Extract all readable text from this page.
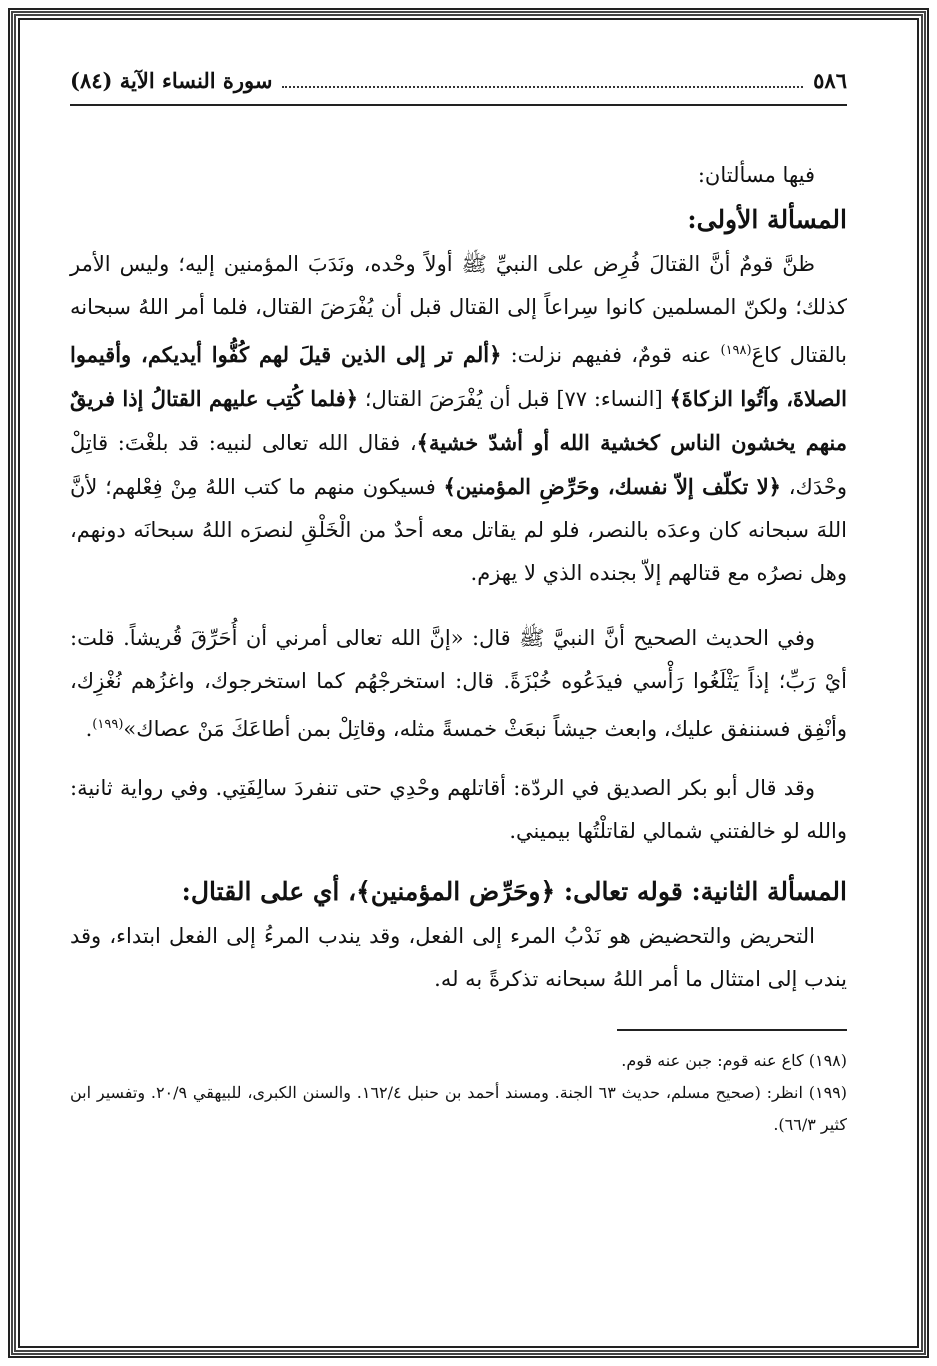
٥٨٦
سورة النساء الآية (٨٤)

فيها مسألتان:

المسألة الأولى:

ظنَّ قومٌ أنَّ القتالَ فُرِض على النبيِّ ﷺ أولاً وحْده، ونَدَبَ المؤمنين إليه؛ وليس الأمر كذلك؛ ولكنّ المسلمين كانوا سِراعاً إلى القتال قبل أن يُفْرَضَ القتال، فلما أمر اللهُ سبحانه بالقتال كاعَ$^{(١٩٨)}$ عنه قومٌ، ففيهم نزلت: ﴿ألم تر إلى الذين قيلَ لهم كُفُّوا أيديكم، وأقيموا الصلاةَ، وآتُوا الزكاةَ﴾ [النساء: ٧٧] قبل أن يُفْرَضَ القتال؛ ﴿فلما كُتِب عليهم القتالُ إذا فريقٌ منهم يخشون الناس كخشية الله أو أشدّ خشية﴾، فقال الله تعالى لنبيه: قد بلغْتَ: قاتِلْ وحْدَك، ﴿لا تكلّف إلاّ نفسك، وحَرِّضِ المؤمنين﴾ فسيكون منهم ما كتب اللهُ مِنْ فِعْلهم؛ لأنَّ اللهَ سبحانه كان وعدَه بالنصر، فلو لم يقاتل معه أحدٌ من الْخَلْقِ لنصرَه اللهُ سبحانَه دونهم، وهل نصرُه مع قتالهم إلاّ بجنده الذي لا يهزم.

وفي الحديث الصحيح أنَّ النبيَّ ﷺ قال: «إنَّ الله تعالى أمرني أن أُحَرِّقَ قُريشاً. قلت: أيْ رَبِّ؛ إذاً يَثْلَغُوا رَأْسي فيدَعُوه خُبْزَةً. قال: استخرجْهُم كما استخرجوك، واغزُهم نُغْزِك، وأنْفِق فسننفق عليك، وابعث جيشاً نبعَثْ خمسةً مثله، وقاتِلْ بمن أطاعَكَ مَنْ عصاك»$^{(١٩٩)}$.

وقد قال أبو بكر الصديق في الردّة: أقاتلهم وحْدِي حتى تنفردَ سالِفَتِي. وفي رواية ثانية: والله لو خالفتني شمالي لقاتلْتُها بيميني.

المسألة الثانية: قوله تعالى: ﴿وحَرِّض المؤمنين﴾، أي على القتال:

التحريض والتحضيض هو نَدْبُ المرء إلى الفعل، وقد يندب المرءُ إلى الفعل ابتداء، وقد يندب إلى امتثال ما أمر اللهُ سبحانه تذكرةً به له.

(١٩٨) كاع عنه قوم: جبن عنه قوم.

(١٩٩) انظر: (صحيح مسلم، حديث ٦٣ الجنة. ومسند أحمد بن حنبل ١٦٢/٤. والسنن الكبرى، للبيهقي ٢٠/٩. وتفسير ابن كثير ٦٦/٣).
